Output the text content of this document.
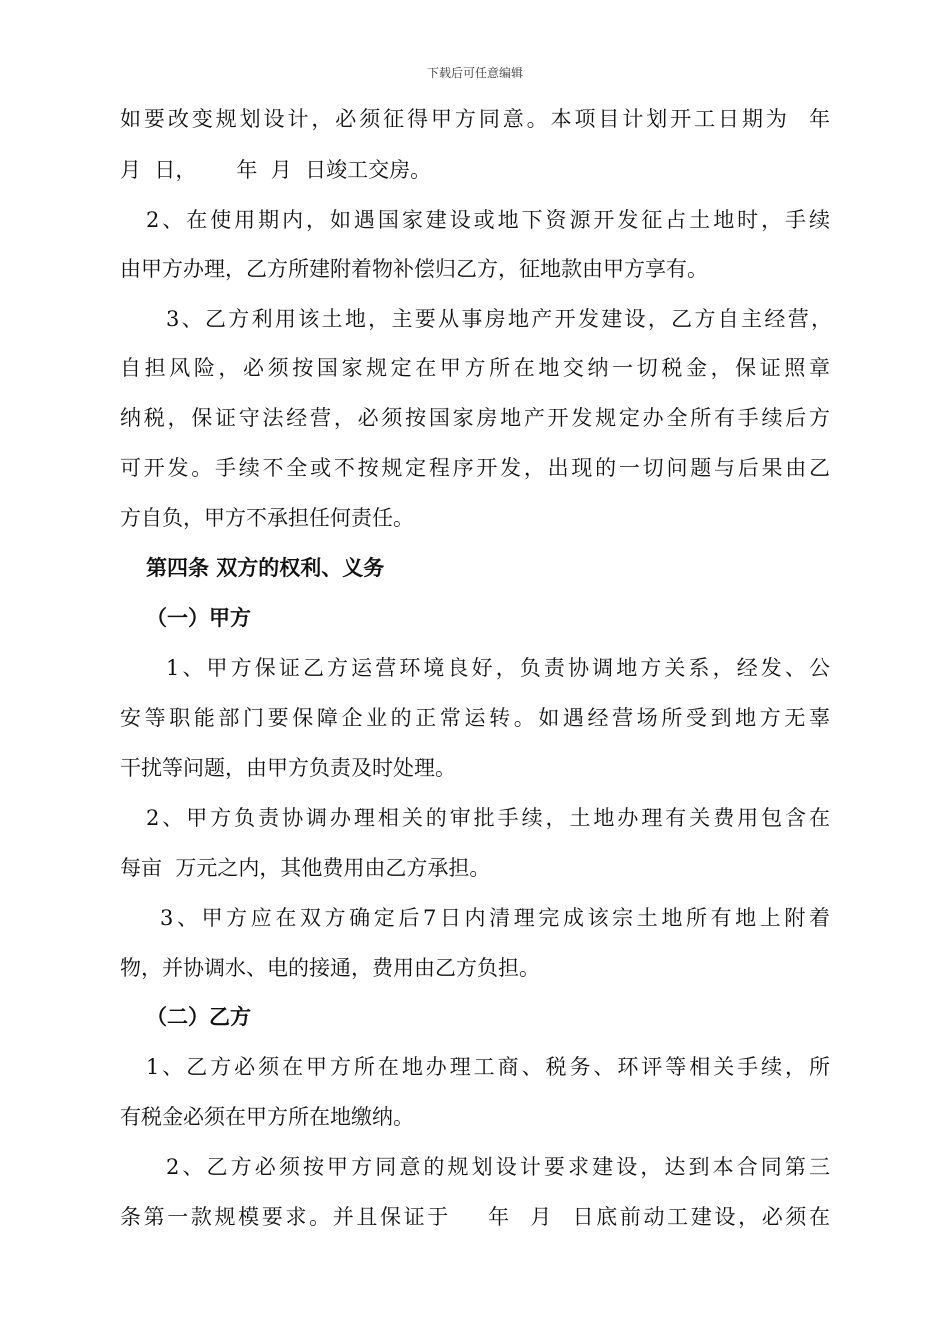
下载后可任意编辑
如要改变规划设计，必须征得甲方同意。本项目计划开工日期为  年
月  日，      年  月  日竣工交房。
2、在使用期内，如遇国家建设或地下资源开发征占土地时，手续
由甲方办理，乙方所建附着物补偿归乙方，征地款由甲方享有。
3、乙方利用该土地，主要从事房地产开发建设，乙方自主经营，
自担风险，必须按国家规定在甲方所在地交纳一切税金，保证照章
纳税，保证守法经营，必须按国家房地产开发规定办全所有手续后方
可开发。手续不全或不按规定程序开发，出现的一切问题与后果由乙
方自负，甲方不承担任何责任。
第四条 双方的权利、义务
（一）甲方
1、甲方保证乙方运营环境良好，负责协调地方关系，经发、公
安等职能部门要保障企业的正常运转。如遇经营场所受到地方无辜
干扰等问题，由甲方负责及时处理。
2、甲方负责协调办理相关的审批手续，土地办理有关费用包含在
每亩  万元之内，其他费用由乙方承担。
3、甲方应在双方确定后7日内清理完成该宗土地所有地上附着
物，并协调水、电的接通，费用由乙方负担。
（二）乙方
1、乙方必须在甲方所在地办理工商、税务、环评等相关手续，所
有税金必须在甲方所在地缴纳。
2、乙方必须按甲方同意的规划设计要求建设，达到本合同第三
条第一款规模要求。并且保证于    年  月  日底前动工建设，必须在
